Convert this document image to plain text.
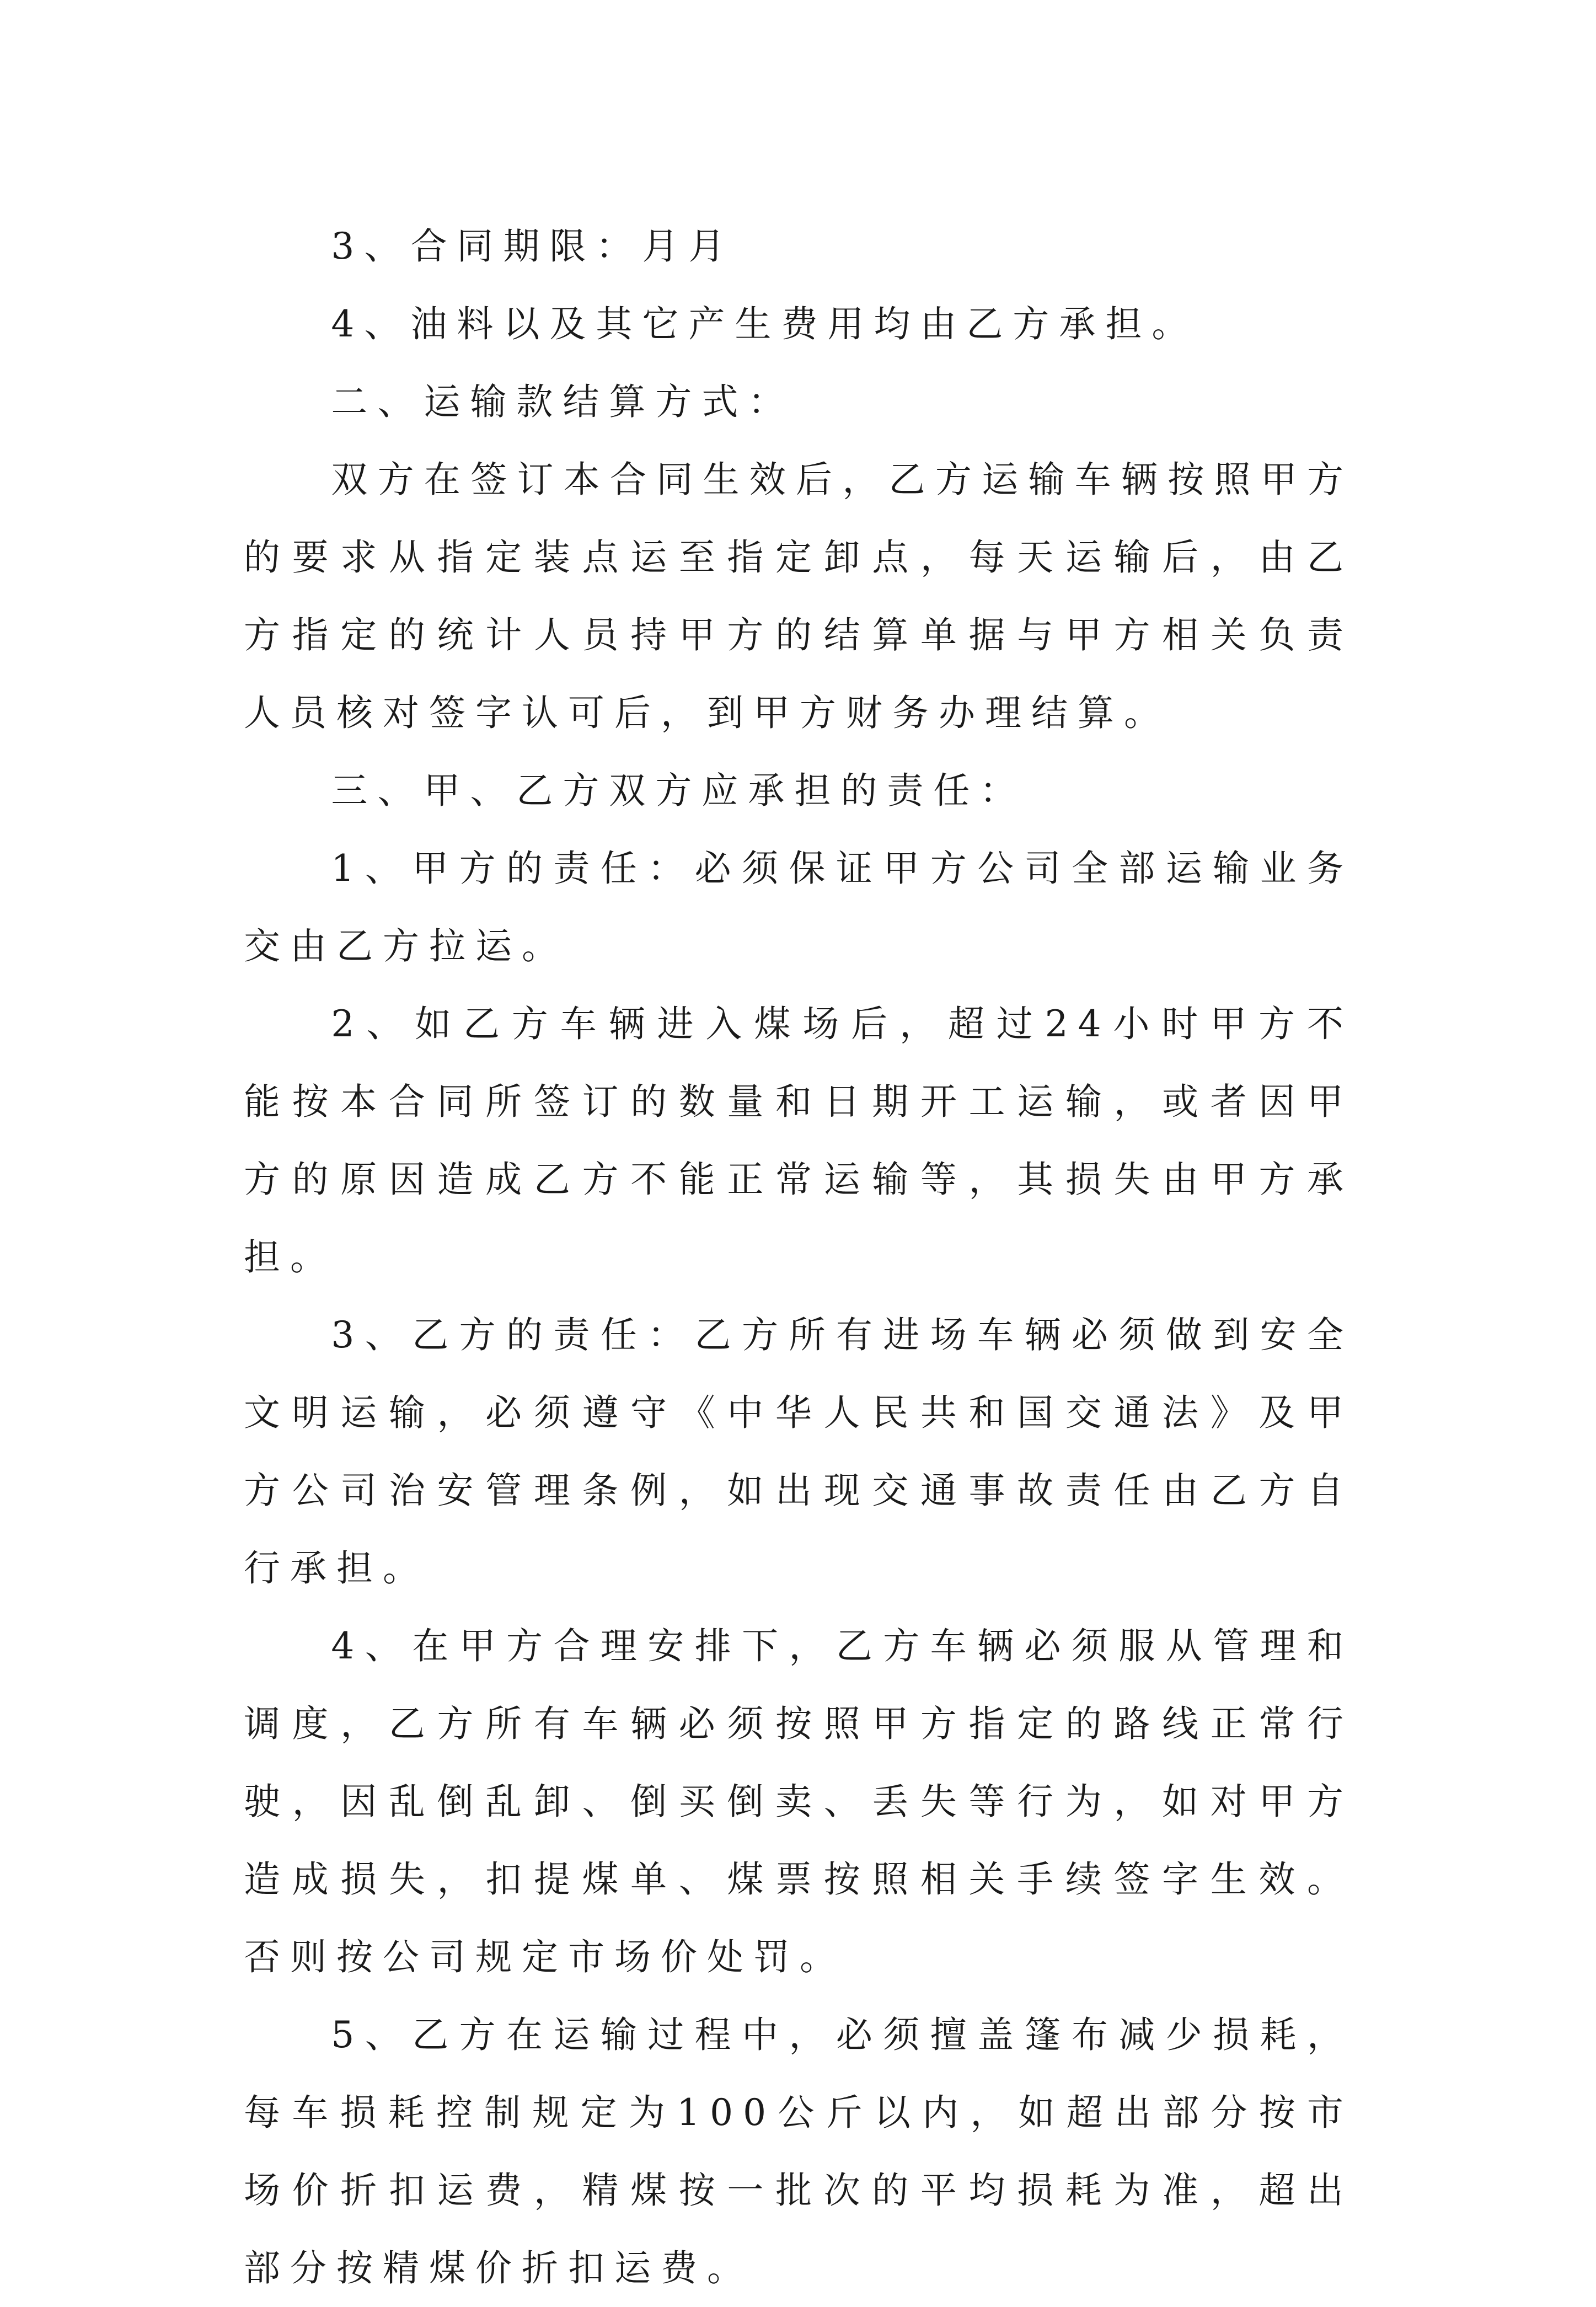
3、合同期限：月月

4、油料以及其它产生费用均由乙方承担。

二、运输款结算方式：

双方在签订本合同生效后，乙方运输车辆按照甲方的要求从指定装点运至指定卸点，每天运输后，由乙方指定的统计人员持甲方的结算单据与甲方相关负责人员核对签字认可后，到甲方财务办理结算。

三、甲、乙方双方应承担的责任：

1、甲方的责任：必须保证甲方公司全部运输业务交由乙方拉运。

2、如乙方车辆进入煤场后，超过24小时甲方不能按本合同所签订的数量和日期开工运输，或者因甲方的原因造成乙方不能正常运输等，其损失由甲方承担。

3、乙方的责任：乙方所有进场车辆必须做到安全文明运输，必须遵守《中华人民共和国交通法》及甲方公司治安管理条例，如出现交通事故责任由乙方自行承担。

4、在甲方合理安排下，乙方车辆必须服从管理和调度，乙方所有车辆必须按照甲方指定的路线正常行驶，因乱倒乱卸、倒买倒卖、丢失等行为，如对甲方造成损失，扣提煤单、煤票按照相关手续签字生效。否则按公司规定市场价处罚。

5、乙方在运输过程中，必须擅盖篷布减少损耗，每车损耗控制规定为100公斤以内，如超出部分按市场价折扣运费，精煤按一批次的平均损耗为准，超出部分按精煤价折扣运费。
